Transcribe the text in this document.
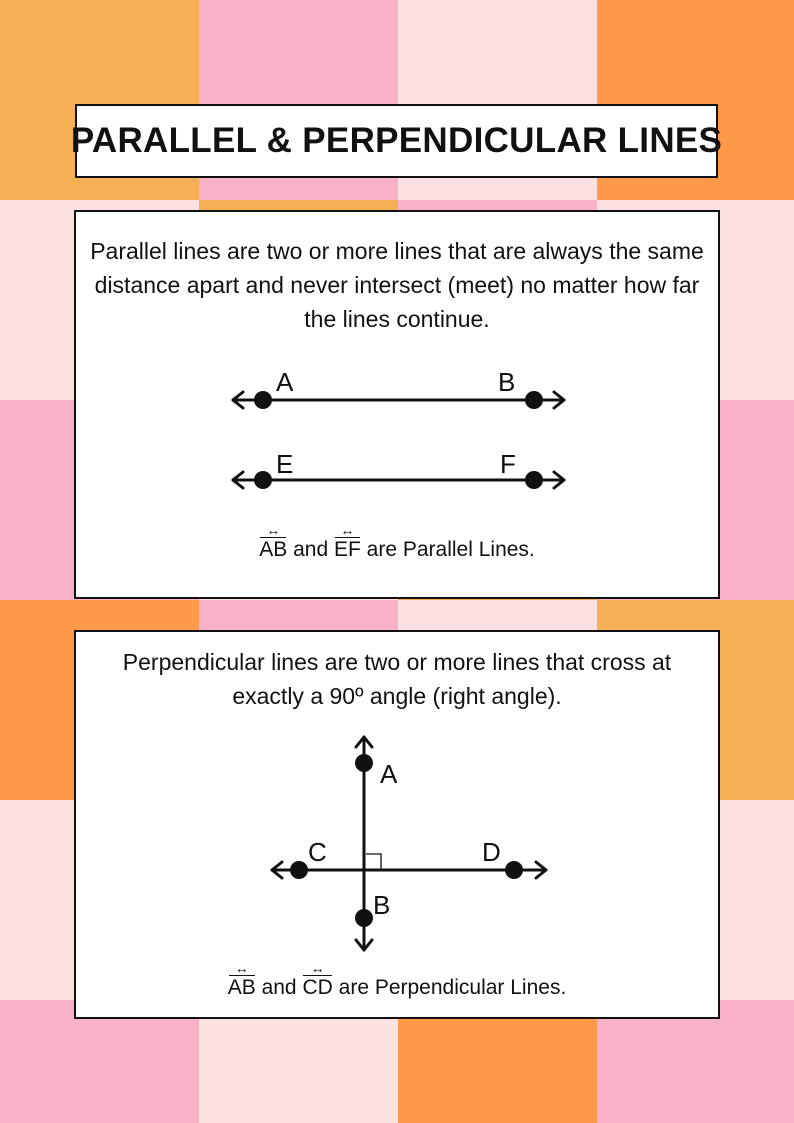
PARALLEL & PERPENDICULAR LINES

Parallel lines are two or more lines that are always the same distance apart and never intersect (meet) no matter how far the lines continue.

A	B
E	F
AB ↔ and EF ↔ are Parallel Lines.

Perpendicular lines are two or more lines that cross at exactly a 90º angle (right angle).

A
B
C	D
AB ↔ and CD ↔ are Perpendicular Lines.
